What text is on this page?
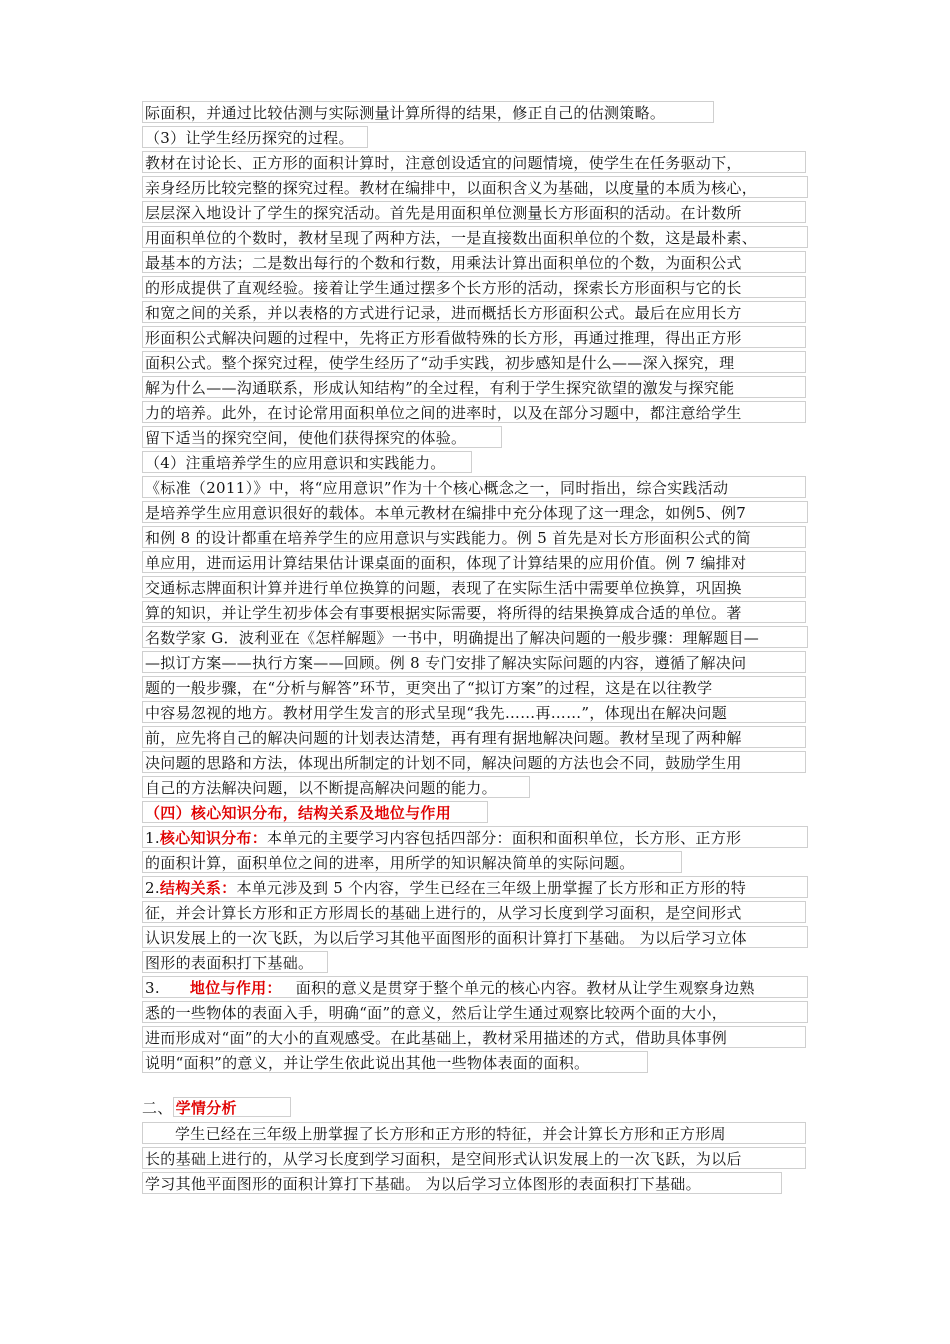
际面积，并通过比较估测与实际测量计算所得的结果，修正自己的估测策略。
（3）让学生经历探究的过程。
教材在讨论长、正方形的面积计算时，注意创设适宜的问题情境，使学生在任务驱动下，
亲身经历比较完整的探究过程。教材在编排中，以面积含义为基础，以度量的本质为核心，
层层深入地设计了学生的探究活动。首先是用面积单位测量长方形面积的活动。在计数所
用面积单位的个数时，教材呈现了两种方法，一是直接数出面积单位的个数，这是最朴素、
最基本的方法；二是数出每行的个数和行数，用乘法计算出面积单位的个数，为面积公式
的形成提供了直观经验。接着让学生通过摆多个长方形的活动，探索长方形面积与它的长
和宽之间的关系，并以表格的方式进行记录，进而概括长方形面积公式。最后在应用长方
形面积公式解决问题的过程中，先将正方形看做特殊的长方形，再通过推理，得出正方形
面积公式。整个探究过程，使学生经历了“动手实践，初步感知是什么——深入探究，理
解为什么——沟通联系，形成认知结构”的全过程，有利于学生探究欲望的激发与探究能
力的培养。此外，在讨论常用面积单位之间的进率时，以及在部分习题中，都注意给学生
留下适当的探究空间，使他们获得探究的体验。
（4）注重培养学生的应用意识和实践能力。
《标准（2011）》中，将“应用意识”作为十个核心概念之一，同时指出，综合实践活动
是培养学生应用意识很好的载体。本单元教材在编排中充分体现了这一理念，如例5、例7
和例 8 的设计都重在培养学生的应用意识与实践能力。例 5 首先是对长方形面积公式的简
单应用，进而运用计算结果估计课桌面的面积，体现了计算结果的应用价值。例 7 编排对
交通标志牌面积计算并进行单位换算的问题，表现了在实际生活中需要单位换算，巩固换
算的知识，并让学生初步体会有事要根据实际需要，将所得的结果换算成合适的单位。著
名数学家 G．波利亚在《怎样解题》一书中，明确提出了解决问题的一般步骤：理解题目—
—拟订方案——执行方案——回顾。例 8 专门安排了解决实际问题的内容，遵循了解决问
题的一般步骤，在“分析与解答”环节，更突出了“拟订方案”的过程，这是在以往教学
中容易忽视的地方。教材用学生发言的形式呈现“我先……再……”，体现出在解决问题
前，应先将自己的解决问题的计划表达清楚，再有理有据地解决问题。教材呈现了两种解
决问题的思路和方法，体现出所制定的计划不同，解决问题的方法也会不同，鼓励学生用
自己的方法解决问题，以不断提高解决问题的能力。
（四）核心知识分布，结构关系及地位与作用
1.核心知识分布：本单元的主要学习内容包括四部分：面积和面积单位，长方形、正方形
的面积计算，面积单位之间的进率，用所学的知识解决简单的实际问题。
2.结构关系：本单元涉及到 5 个内容，学生已经在三年级上册掌握了长方形和正方形的特
征，并会计算长方形和正方形周长的基础上进行的，从学习长度到学习面积，是空间形式
认识发展上的一次飞跃，为以后学习其他平面图形的面积计算打下基础。 为以后学习立体
图形的表面积打下基础。
3. 地位与作用： 面积的意义是贯穿于整个单元的核心内容。教材从让学生观察身边熟
悉的一些物体的表面入手，明确“面”的意义，然后让学生通过观察比较两个面的大小，
进而形成对“面”的大小的直观感受。在此基础上，教材采用描述的方式，借助具体事例
说明“面积”的意义，并让学生依此说出其他一些物体表面的面积。
二、 学情分析
学生已经在三年级上册掌握了长方形和正方形的特征，并会计算长方形和正方形周
长的基础上进行的，从学习长度到学习面积，是空间形式认识发展上的一次飞跃，为以后
学习其他平面图形的面积计算打下基础。 为以后学习立体图形的表面积打下基础。
